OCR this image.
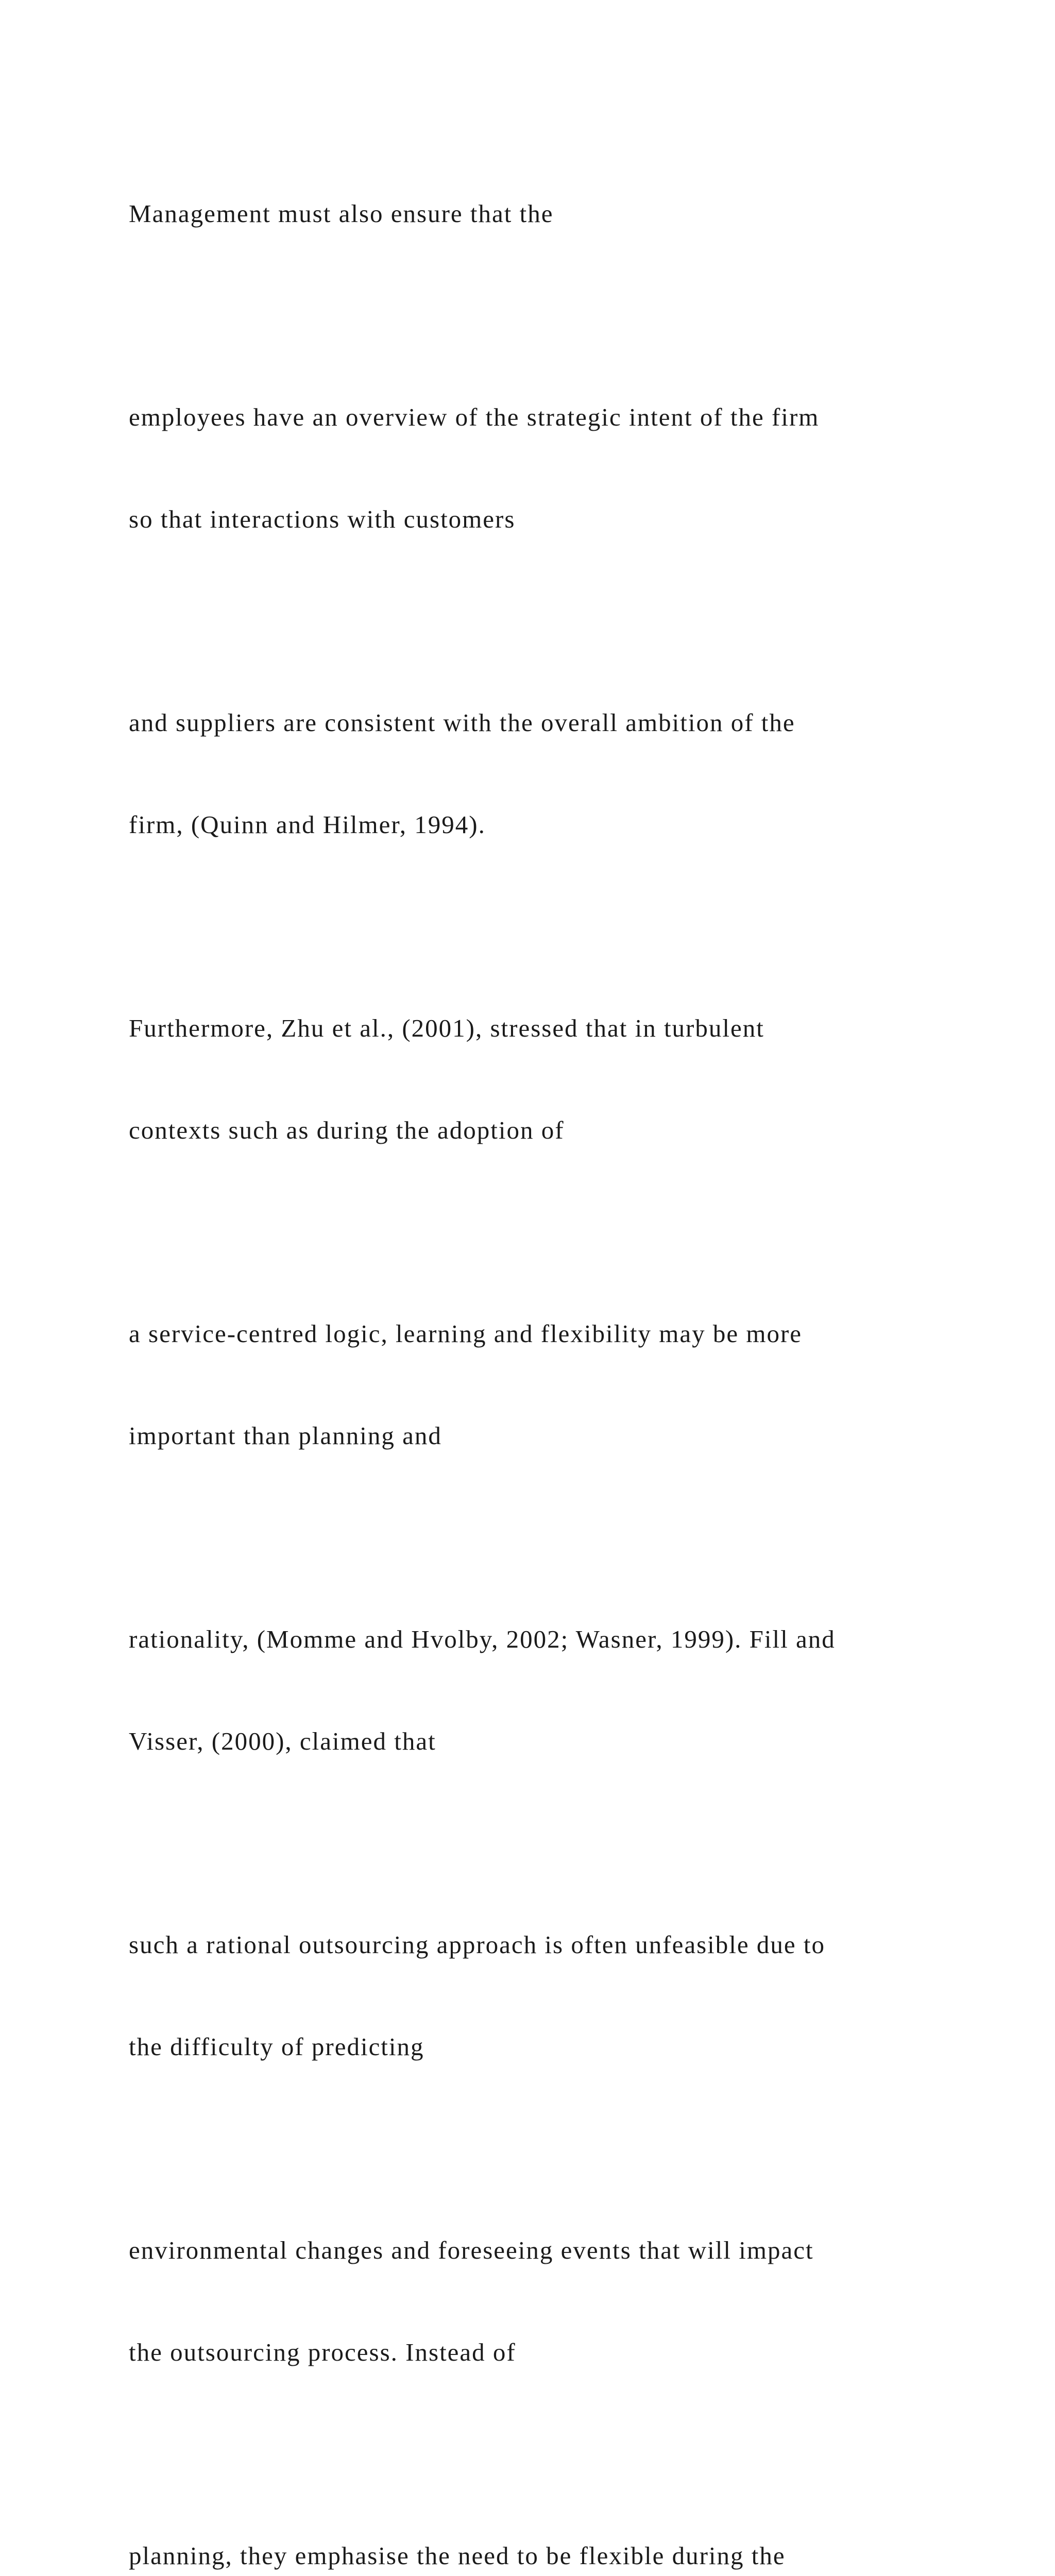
Management must also ensure that the

employees have an overview of the strategic intent of the firm

so that interactions with customers

and suppliers are consistent with the overall ambition of the

firm, (Quinn and Hilmer, 1994).

Furthermore, Zhu et al., (2001), stressed that in turbulent

contexts such as during the adoption of

a service-centred logic, learning and flexibility may be more

important than planning and

rationality, (Momme and Hvolby, 2002; Wasner, 1999). Fill and

Visser, (2000), claimed that

such a rational outsourcing approach is often unfeasible due to

the difficulty of predicting

environmental changes and foreseeing events that will impact

the outsourcing process. Instead of

planning, they emphasise the need to be flexible during the
